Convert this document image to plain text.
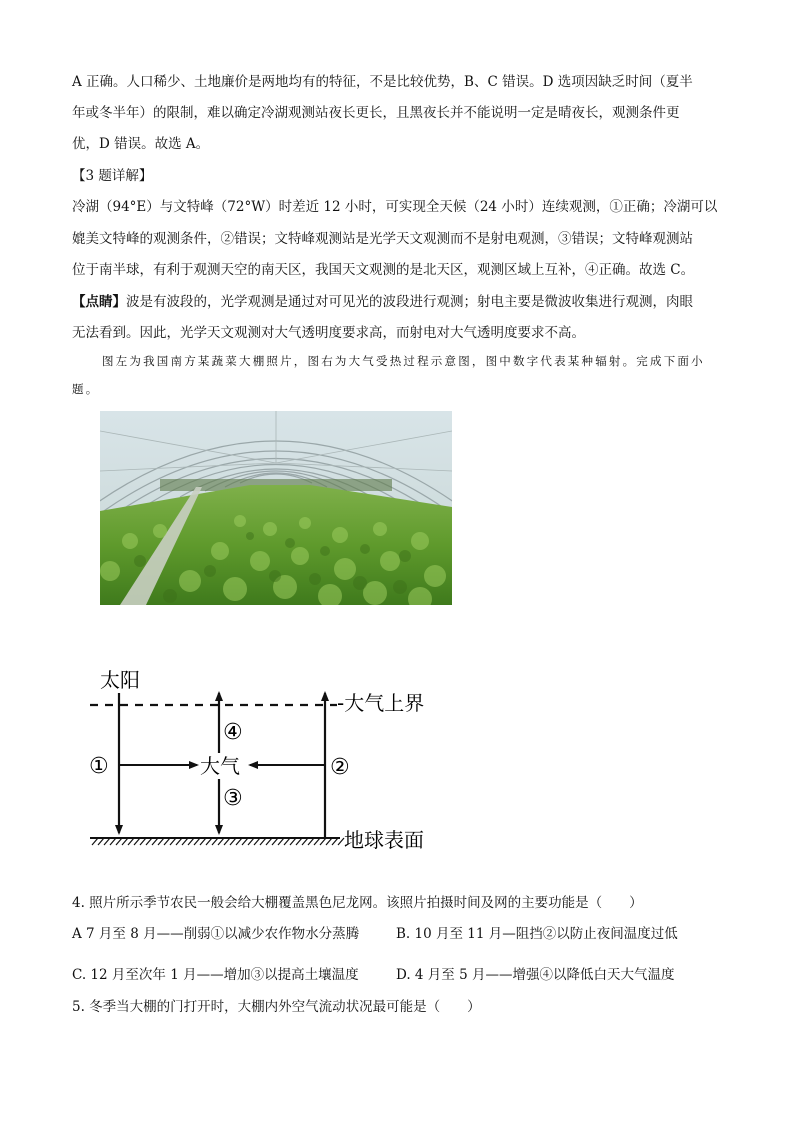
A 正确。人口稀少、土地廉价是两地均有的特征，不是比较优势，B、C 错误。D 选项因缺乏时间（夏半
年或冬半年）的限制，难以确定冷湖观测站夜长更长，且黑夜长并不能说明一定是晴夜长，观测条件更
优，D 错误。故选 A。
【3 题详解】
冷湖（94°E）与文特峰（72°W）时差近 12 小时，可实现全天候（24 小时）连续观测，①正确；冷湖可以
媲美文特峰的观测条件，②错误；文特峰观测站是光学天文观测而不是射电观测，③错误；文特峰观测站
位于南半球，有利于观测天空的南天区，我国天文观测的是北天区，观测区域上互补，④正确。故选 C。
【点睛】波是有波段的，光学观测是通过对可见光的波段进行观测；射电主要是微波收集进行观测，肉眼
无法看到。因此，光学天文观测对大气透明度要求高，而射电对大气透明度要求不高。
图左为我国南方某蔬菜大棚照片，图右为大气受热过程示意图，图中数字代表某种辐射。完成下面小
题。
太阳
-大气上界
大气
地球表面
①	②
③
④
4. 照片所示季节农民一般会给大棚覆盖黑色尼龙网。该照片拍摄时间及网的主要功能是（　　）
A 7 月至 8 月——削弱①以减少农作物水分蒸腾	B. 10 月至 11 月—阻挡②以防止夜间温度过低
C. 12 月至次年 1 月——增加③以提高土壤温度	D. 4 月至 5 月——增强④以降低白天大气温度
5. 冬季当大棚的门打开时，大棚内外空气流动状况最可能是（　　）
